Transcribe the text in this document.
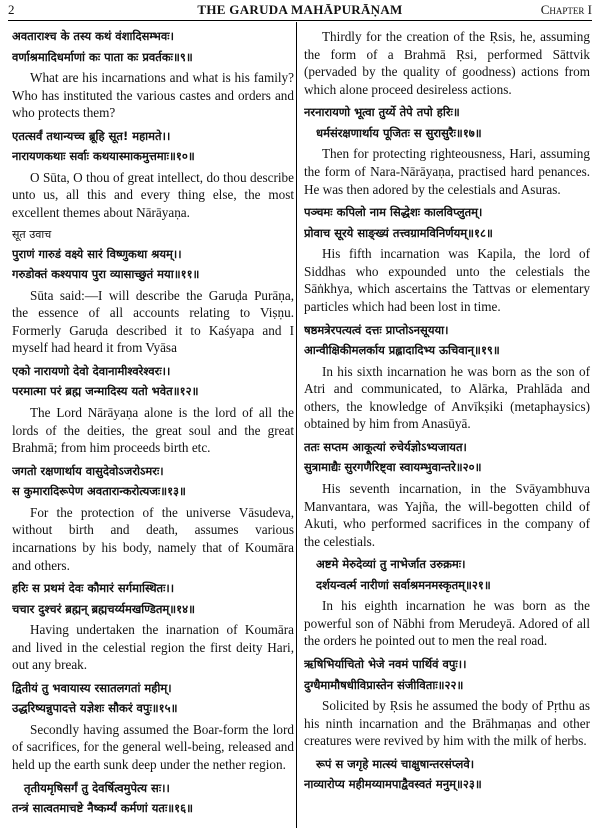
2	THE GARUDA MAHĀPURĀṆAM	Chapter I
अवताराश्च के तस्य कथं वंशादिसम्भवः।
वर्णाश्रमादिधर्माणां कः पाता कः प्रवर्तकः॥९॥
What are his incarnations and what is his family? Who has instituted the various castes and orders and who protects them?
एतत्सर्वं तथान्यच्च ब्रूहि सूत! महामते।।
नारायणकथाः सर्वाः कथयास्माकमुत्तमाः॥१०॥
O Sūta, O thou of great intellect, do thou describe unto us, all this and every thing else, the most excellent themes about Nārāyaṇa.
सूत उवाच
पुराणं गारुडं वक्ष्ये सारं विष्णुकथा श्रयम्।।
गरुडोक्तं कश्यपाय पुरा व्यासाच्छुतं मया॥११॥
Sūta said:—I will describe the Garuḍa Purāṇa, the essence of all accounts relating to Viṣṇu. Formerly Garuḍa described it to Kaśyapa and I myself had heard it from Vyāsa
एको नारायणो देवो देवानामीश्वरेश्वरः।।
परमात्मा परं ब्रह्म जन्मादिस्य यतो भवेत॥१२॥
The Lord Nārāyaṇa alone is the lord of all the lords of the deities, the great soul and the great Brahmā; from him proceeds birth etc.
जगतो रक्षणार्थाय वासुदेवोऽजरोऽमरः।
स कुमारादिरूपेण अवतारान्करोत्यजः॥१३॥
For the protection of the universe Vāsudeva, without birth and death, assumes various incarnations by his body, namely that of Koumāra and others.
हरिः स प्रथमं देवः कौमारं सर्गमास्थितः।।
चचार दुश्चरं ब्रह्मन् ब्रह्मचर्य्यमखण्डितम्॥१४॥
Having undertaken the inarnation of Koumāra and lived in the celestial region the first deity Hari, out any break.
द्वितीयं तु भवायास्य रसातलगतां महीम्।
उद्धरिष्यन्नुपादत्ते यज्ञेशः सौकरं वपुः॥१५॥
Secondly having assumed the Boar-form the lord of sacrifices, for the general well-being, released and held up the earth sunk deep under the nether region.
तृतीयमृषिसर्गं तु देवर्षित्वमुपेत्य सः।।
तन्त्रं सात्वतमाचष्टे नैष्कर्म्यं कर्मणां यतः॥१६॥
Thirdly for the creation of the Ṛsis, he, assuming the form of a Brahmā Ṛsi, performed Sāttvik (pervaded by the quality of goodness) actions from which alone proceed desireless actions.
नरनारायणो भूत्वा तुर्य्ये तेपे तपो हरिः॥
धर्मसंरक्षणार्थाय पूजितः स सुरासुरैः॥१७॥
Then for protecting righteousness, Hari, assuming the form of Nara-Nārāyaṇa, practised hard penances. He was then adored by the celestials and Asuras.
पञ्चमः कपिलो नाम सिद्धेशः कालविप्लुतम्।
प्रोवाच सूरये साङ्ख्यं तत्त्वग्रामविनिर्णयम्॥१८॥
His fifth incarnation was Kapila, the lord of Siddhas who expounded unto the celestials the Sāṅkhya, which ascertains the Tattvas or elementary particles which had been lost in time.
षष्ठमत्रेरपत्यत्वं दत्तः प्राप्तोऽनसूयया।
आन्वीक्षिकीमलर्काय प्रह्लादादिभ्य ऊचिवान्॥१९॥
In his sixth incarnation he was born as the son of Atri and communicated, to Alārka, Prahlāda and others, the knowledge of Anvīkṣiki (metaphaysics) obtained by him from Anasūyā.
ततः सप्तम आकूत्यां रुचेर्यज्ञोऽभ्यजायत।
सुत्रामाद्यैः सुरगणैरिष्ट्वा स्वायम्भुवान्तरे॥२०॥
His seventh incarnation, in the Svāyambhuva Manvantara, was Yajña, the will-begotten child of Akuti, who performed sacrifices in the company of the celestials.
अष्टमे मेरुदेव्यां तु नाभेर्जात उरुक्रमः।
दर्शयन्वर्त्म नारीणां सर्वाश्रमनमस्कृतम्॥२१॥
In his eighth incarnation he was born as the powerful son of Nābhi from Merudeyā. Adored of all the orders he pointed out to men the real road.
ऋषिभिर्याचितो भेजे नवमं पार्थिवं वपुः।।
दुग्धैमामौषधीविप्रास्तेन संजीविताः॥२२॥
Solicited by Ṛsis he assumed the body of Pṛthu as his ninth incarnation and the Brāhmaṇas and other creatures were revived by him with the milk of herbs.
रूपं स जगृहे मात्स्यं चाक्षुषान्तरसंप्लवे।
नाव्यारोप्य महीमय्यामपाद्वैवस्वतं मनुम्॥२३॥
